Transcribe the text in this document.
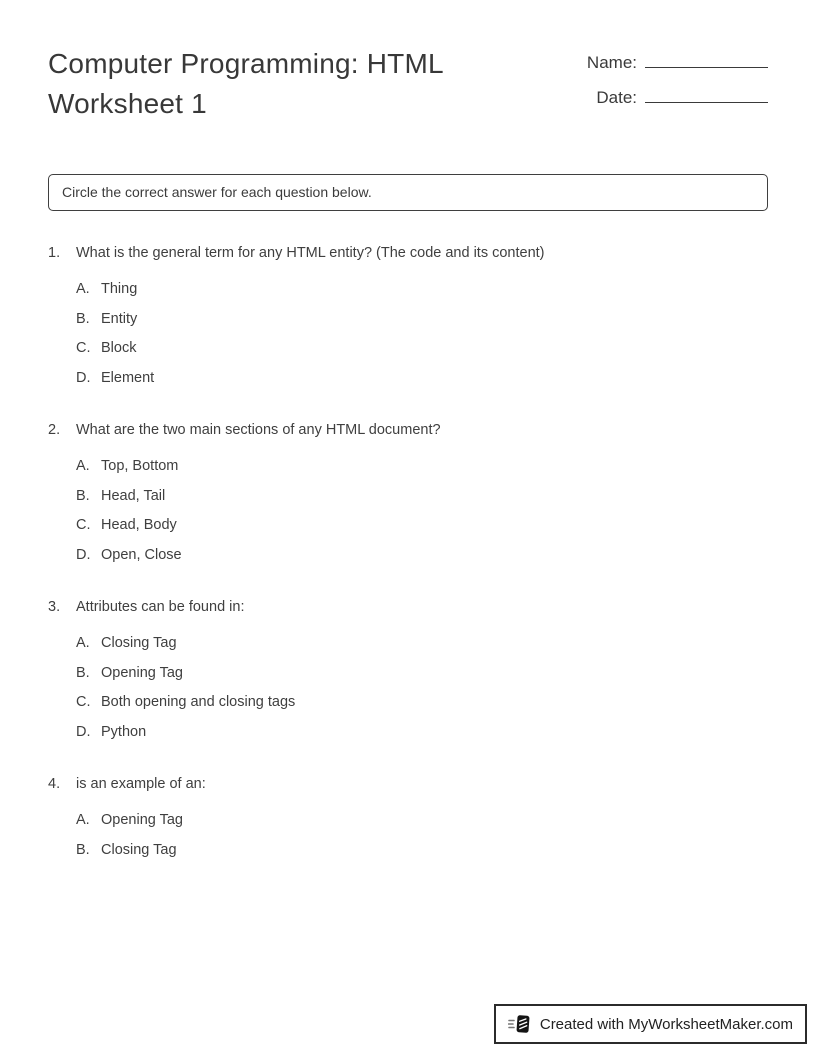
Computer Programming: HTML Worksheet 1
Name:
Date:
Circle the correct answer for each question below.
1.	What is the general term for any HTML entity? (The code and its content)
A. Thing
B. Entity
C. Block
D. Element
2.	What are the two main sections of any HTML document?
A. Top, Bottom
B. Head, Tail
C. Head, Body
D. Open, Close
3.	Attributes can be found in:
A. Closing Tag
B. Opening Tag
C. Both opening and closing tags
D. Python
4.	is an example of an:
A. Opening Tag
B. Closing Tag
Created with MyWorksheetMaker.com
